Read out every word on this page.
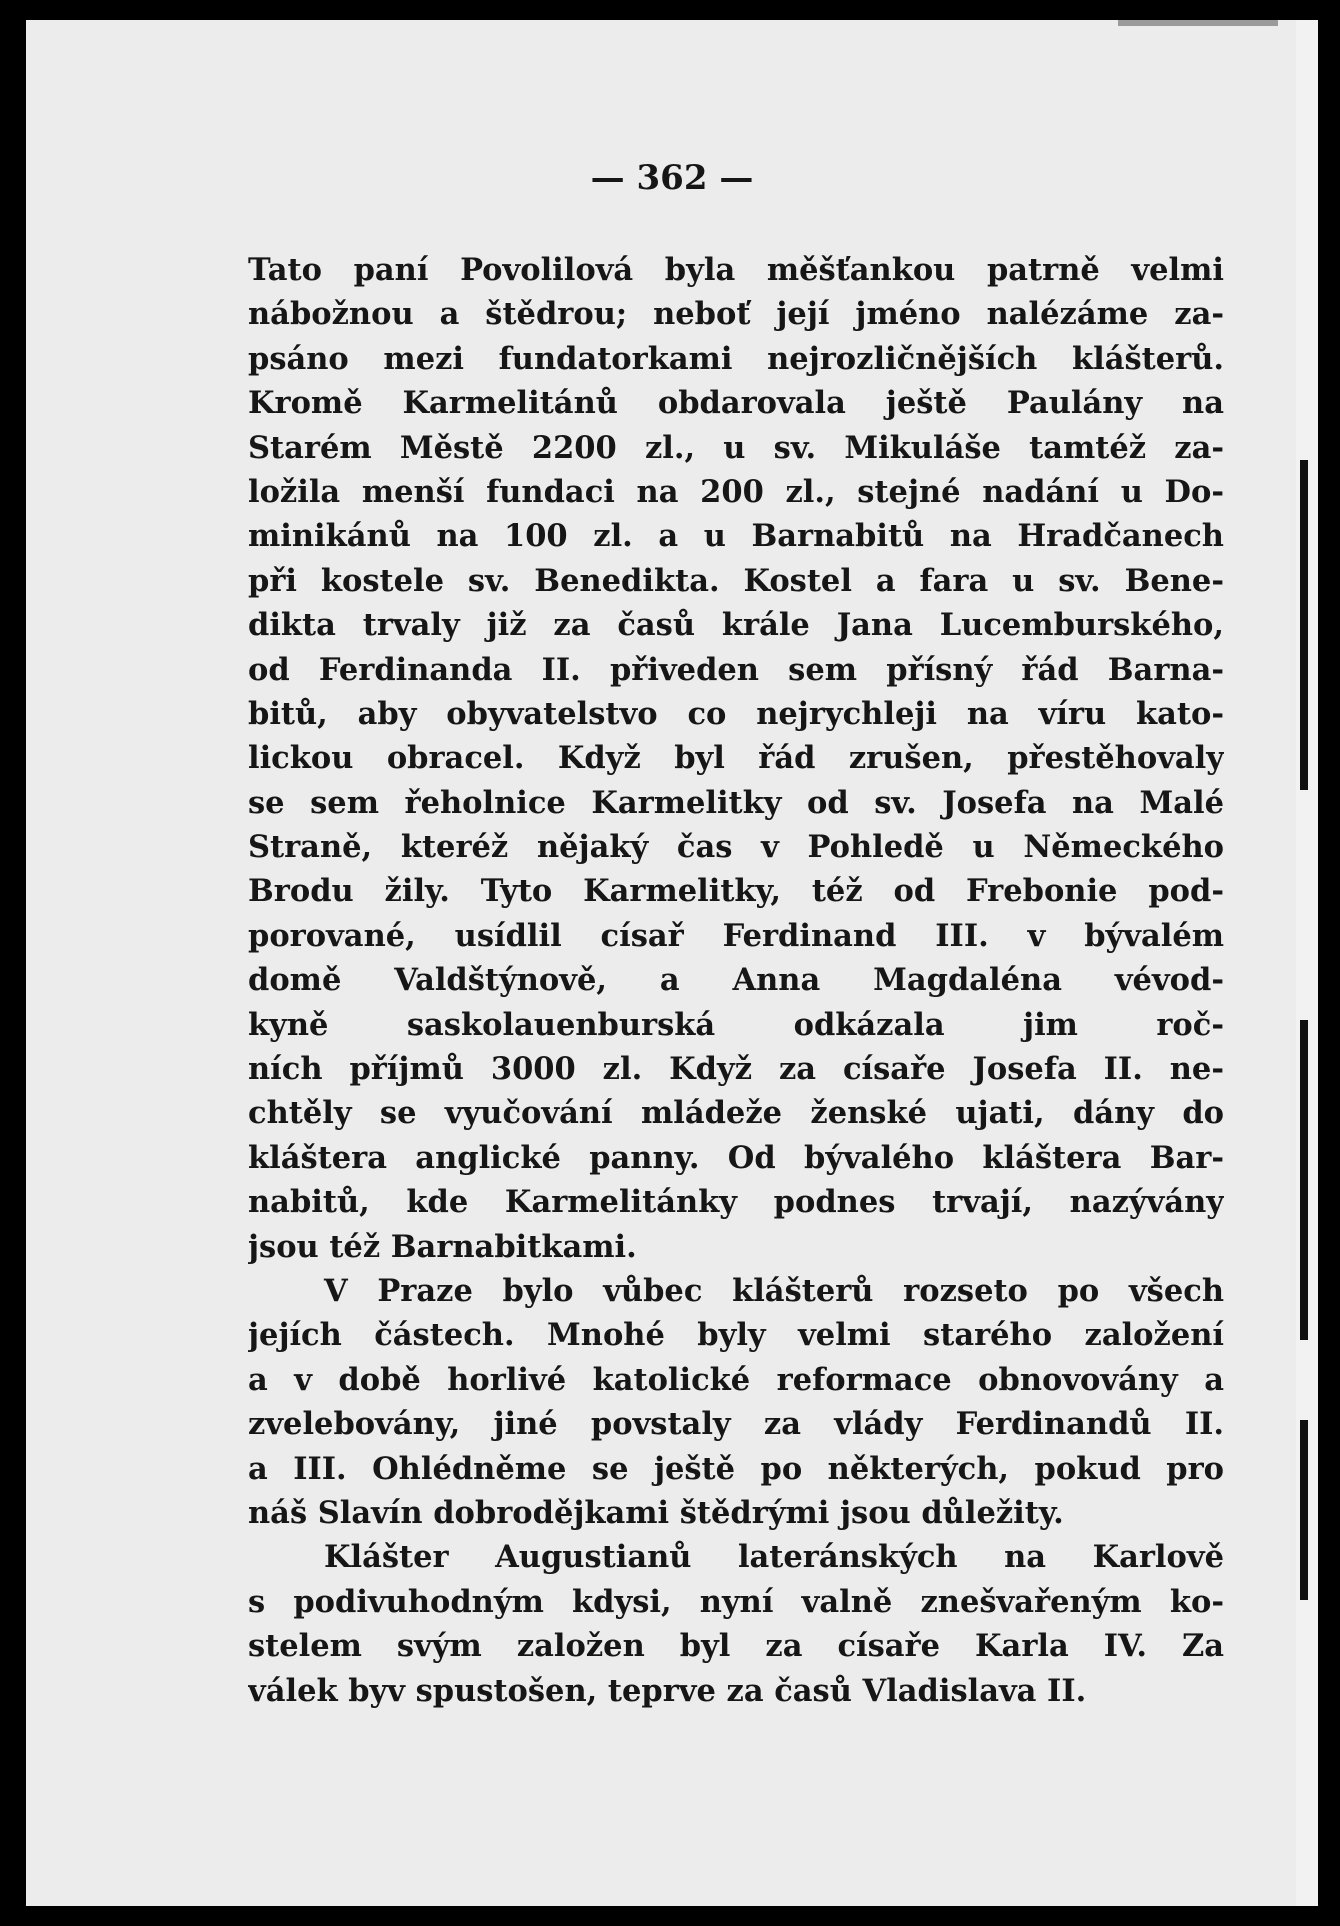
— 362 —

Tato paní Povolilová byla měšťankou patrně velmi
nábožnou a štědrou; neboť její jméno nalézáme za-
psáno mezi fundatorkami nejrozličnějších klášterů.
Kromě Karmelitánů obdarovala ještě Paulány na
Starém Městě 2200 zl., u sv. Mikuláše tamtéž za-
ložila menší fundaci na 200 zl., stejné nadání u Do-
minikánů na 100 zl. a u Barnabitů na Hradčanech
při kostele sv. Benedikta. Kostel a fara u sv. Bene-
dikta trvaly již za časů krále Jana Lucemburského,
od Ferdinanda II. přiveden sem přísný řád Barna-
bitů, aby obyvatelstvo co nejrychleji na víru kato-
lickou obracel. Když byl řád zrušen, přestěhovaly
se sem řeholnice Karmelitky od sv. Josefa na Malé
Straně, kteréž nějaký čas v Pohledě u Německého
Brodu žily. Tyto Karmelitky, též od Frebonie pod-
porované, usídlil císař Ferdinand III. v bývalém
domě Valdštýnově, a Anna Magdaléna vévod-
kyně saskolauenburská odkázala jim roč-
ních příjmů 3000 zl. Když za císaře Josefa II. ne-
chtěly se vyučování mládeže ženské ujati, dány do
kláštera anglické panny. Od bývalého kláštera Bar-
nabitů, kde Karmelitánky podnes trvají, nazývány
jsou též Barnabitkami.
V Praze bylo vůbec klášterů rozseto po všech
jejích částech. Mnohé byly velmi starého založení
a v době horlivé katolické reformace obnovovány a
zvelebovány, jiné povstaly za vlády Ferdinandů II.
a III. Ohlédněme se ještě po některých, pokud pro
náš Slavín dobrodějkami štědrými jsou důležity.
Klášter Augustianů lateránských na Karlově
s podivuhodným kdysi, nyní valně znešvařeným ko-
stelem svým založen byl za císaře Karla IV. Za
válek byv spustošen, teprve za časů Vladislava II.
